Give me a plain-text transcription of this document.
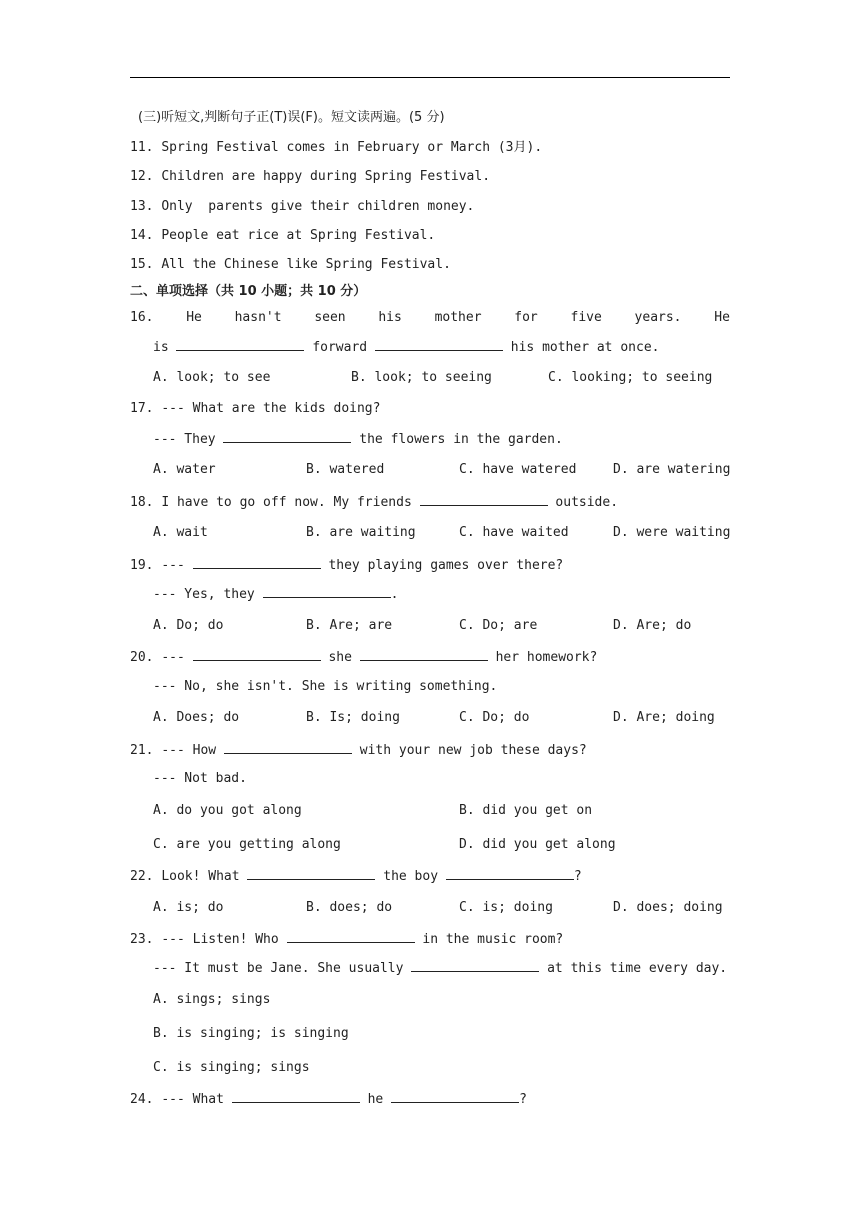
(三)听短文,判断句子正(T)误(F)。短文读两遍。(5 分)
11. Spring Festival comes in February or March (3月).
12. Children are happy during Spring Festival.
13. Only  parents give their children money.
14. People eat rice at Spring Festival.
15. All the Chinese like Spring Festival.
二、单项选择（共 10 小题；共 10 分）
16.	He	hasn't	seen	his	mother	for	five	years.	He
is	forward	his mother at once.
A. look; to see	B. look; to seeing	C. looking; to seeing
17. --- What are the kids doing?
--- They	the flowers in the garden.
A. water	B. watered	C. have watered	D. are watering
18. I have to go off now. My friends	outside.
A. wait	B. are waiting	C. have waited	D. were waiting
19. ---	they playing games over there?
--- Yes, they	.
A. Do; do	B. Are; are	C. Do; are	D. Are; do
20. ---	she	her homework?
--- No, she isn't. She is writing something.
A. Does; do	B. Is; doing	C. Do; do	D. Are; doing
21. --- How	with your new job these days?
--- Not bad.
A. do you got along	B. did you get on
C. are you getting along	D. did you get along
22. Look! What	the boy	?
A. is; do	B. does; do	C. is; doing	D. does; doing
23. --- Listen! Who	in the music room?
--- It must be Jane. She usually	at this time every day.
A. sings; sings
B. is singing; is singing
C. is singing; sings
24. --- What	he	?
